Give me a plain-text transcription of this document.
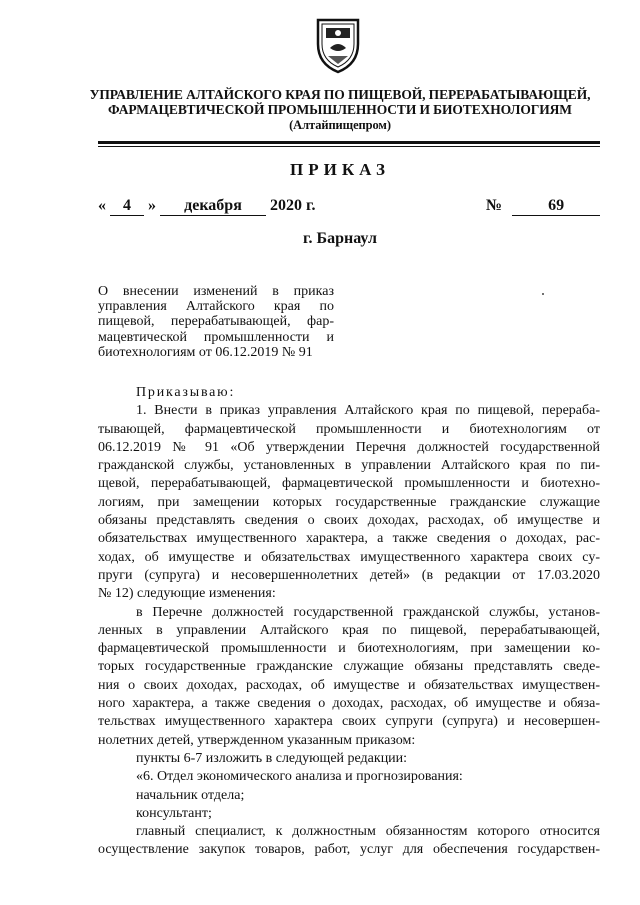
УПРАВЛЕНИЕ АЛТАЙСКОГО КРАЯ ПО ПИЩЕВОЙ, ПЕРЕРАБАТЫВАЮЩЕЙ,
ФАРМАЦЕВТИЧЕСКОЙ ПРОМЫШЛЕННОСТИ И БИОТЕХНОЛОГИЯМ
(Алтайпищепром)
ПРИКАЗ
« 4 » декабря 2020 г.	№	69
г. Барнаул
О внесении изменений в приказ
управления Алтайского края по
пищевой, перерабатывающей, фар-
мацевтической промышленности и
биотехнологиям от 06.12.2019 № 91
Приказываю:
1. Внести в приказ управления Алтайского края по пищевой, перераба-
тывающей, фармацевтической промышленности и биотехнологиям от
06.12.2019 № 91 «Об утверждении Перечня должностей государственной
гражданской службы, установленных в управлении Алтайского края по пи-
щевой, перерабатывающей, фармацевтической промышленности и биотехно-
логиям, при замещении которых государственные гражданские служащие
обязаны представлять сведения о своих доходах, расходах, об имуществе и
обязательствах имущественного характера, а также сведения о доходах, рас-
ходах, об имуществе и обязательствах имущественного характера своих су-
пруги (супруга) и несовершеннолетних детей» (в редакции от 17.03.2020
№ 12) следующие изменения:
в Перечне должностей государственной гражданской службы, установ-
ленных в управлении Алтайского края по пищевой, перерабатывающей,
фармацевтической промышленности и биотехнологиям, при замещении ко-
торых государственные гражданские служащие обязаны представлять сведе-
ния о своих доходах, расходах, об имуществе и обязательствах имуществен-
ного характера, а также сведения о доходах, расходах, об имуществе и обяза-
тельствах имущественного характера своих супруги (супруга) и несовершен-
нолетних детей, утвержденном указанным приказом:
пункты 6-7 изложить в следующей редакции:
«6. Отдел экономического анализа и прогнозирования:
начальник отдела;
консультант;
главный специалист, к должностным обязанностям которого относится
осуществление закупок товаров, работ, услуг для обеспечения государствен-
